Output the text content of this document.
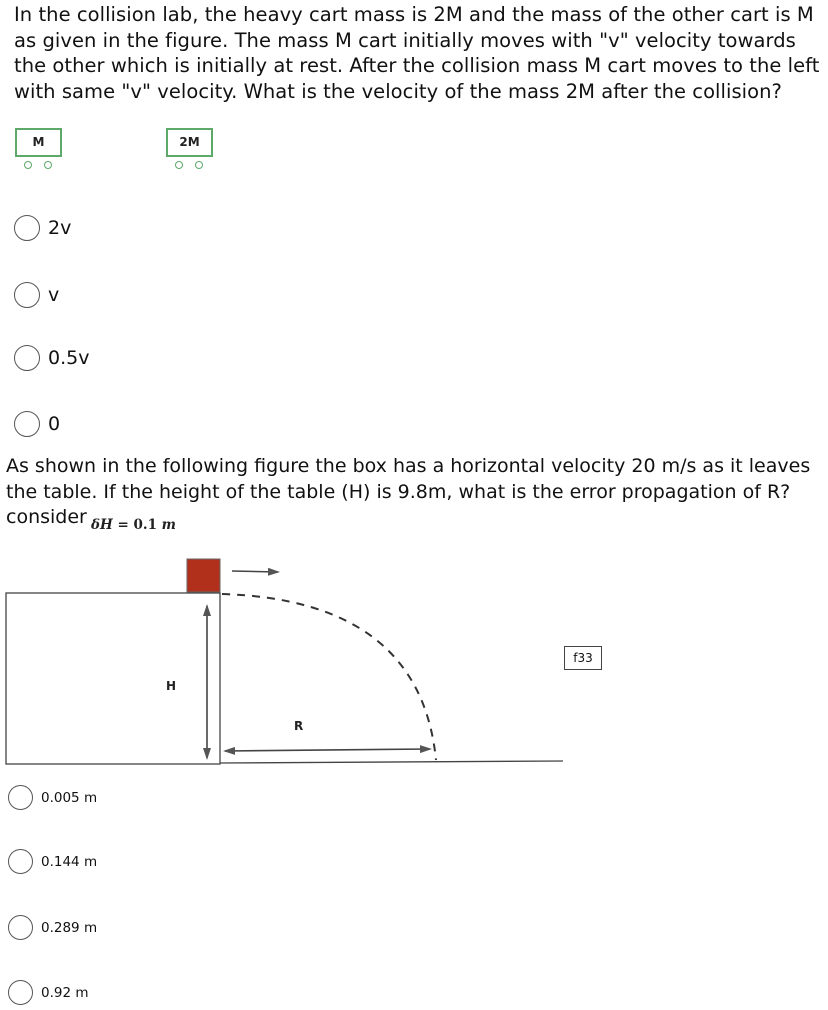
In the collision lab, the heavy cart mass is 2M and the mass of the other cart is M as given in the figure. The mass M cart initially moves with "v" velocity towards the other which is initially at rest. After the collision mass M cart moves to the left with same "v" velocity. What is the velocity of the mass 2M after the collision?
M	2M
2v
v
0.5v
0
As shown in the following figure the box has a horizontal velocity 20 m/s as it leaves the table. If the height of the table (H) is 9.8m, what is the error propagation of R? consider δH = 0.1 m
H
R
f33
0.005 m
0.144 m
0.289 m
0.92 m
